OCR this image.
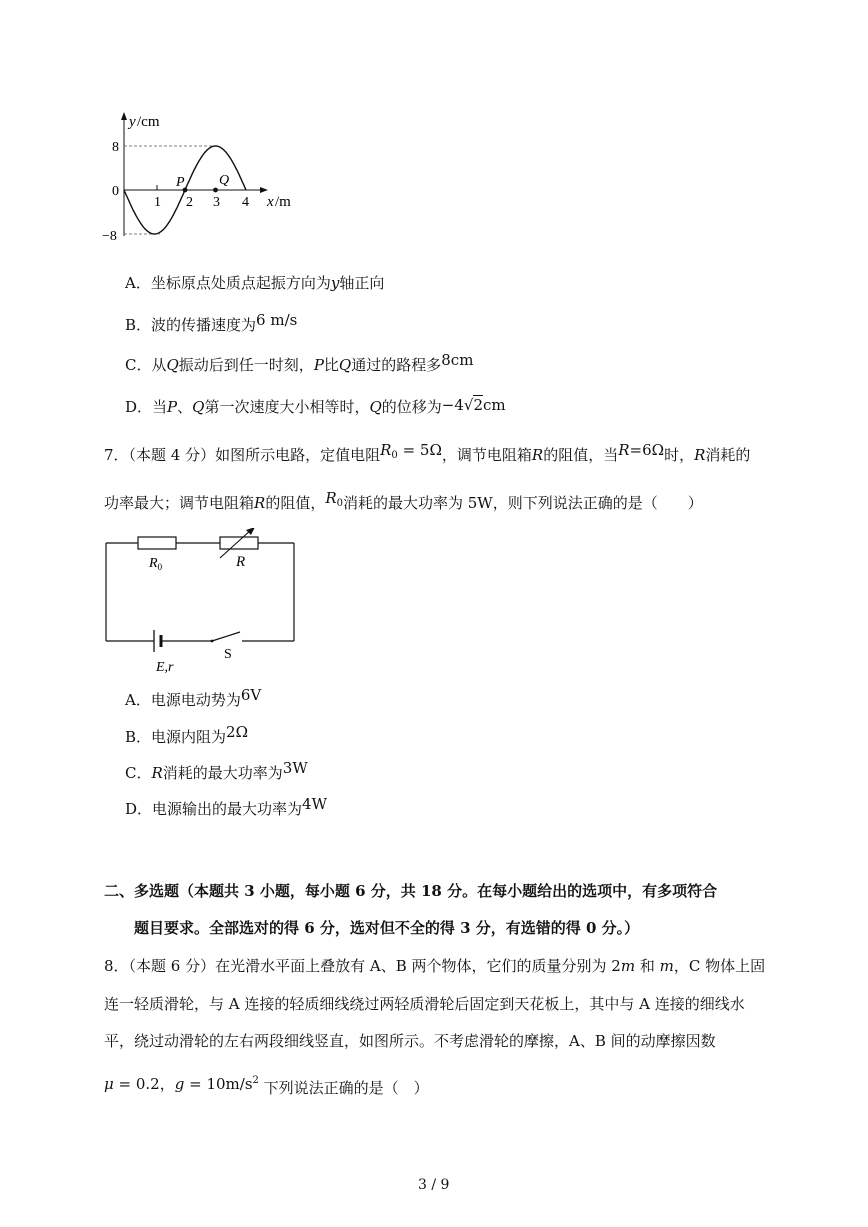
y /cm
8
0
−8
1 2 3 4 x /m
P Q
A．坐标原点处质点起振方向为y轴正向
B．波的传播速度为6 m/s
C．从Q振动后到任一时刻，P比Q通过的路程多8cm
D．当P、Q第一次速度大小相等时，Q的位移为−4√2cm
7．（本题 4 分）如图所示电路，定值电阻$R_0 = 5\Omega$，调节电阻箱R的阻值，当R=6Ω时，R消耗的
功率最大；调节电阻箱R的阻值，$R_0$消耗的最大功率为 5W，则下列说法正确的是（　　）
$R_0$	R
E,r
S
A．电源电动势为6V
B．电源内阻为2Ω
C．R消耗的最大功率为3W
D．电源输出的最大功率为4W
二、多选题（本题共 3 小题，每小题 6 分，共 18 分。在每小题给出的选项中，有多项符合
题目要求。全部选对的得 6 分，选对但不全的得 3 分，有选错的得 0 分。）
8．（本题 6 分）在光滑水平面上叠放有 A、B 两个物体，它们的质量分别为 2m 和 m，C 物体上固
连一轻质滑轮，与 A 连接的轻质细线绕过两轻质滑轮后固定到天花板上，其中与 A 连接的细线水
平，绕过动滑轮的左右两段细线竖直，如图所示。不考虑滑轮的摩擦，A、B 间的动摩擦因数
μ = 0.2，$g = 10m/s^2$ 下列说法正确的是（　）
3 / 9
